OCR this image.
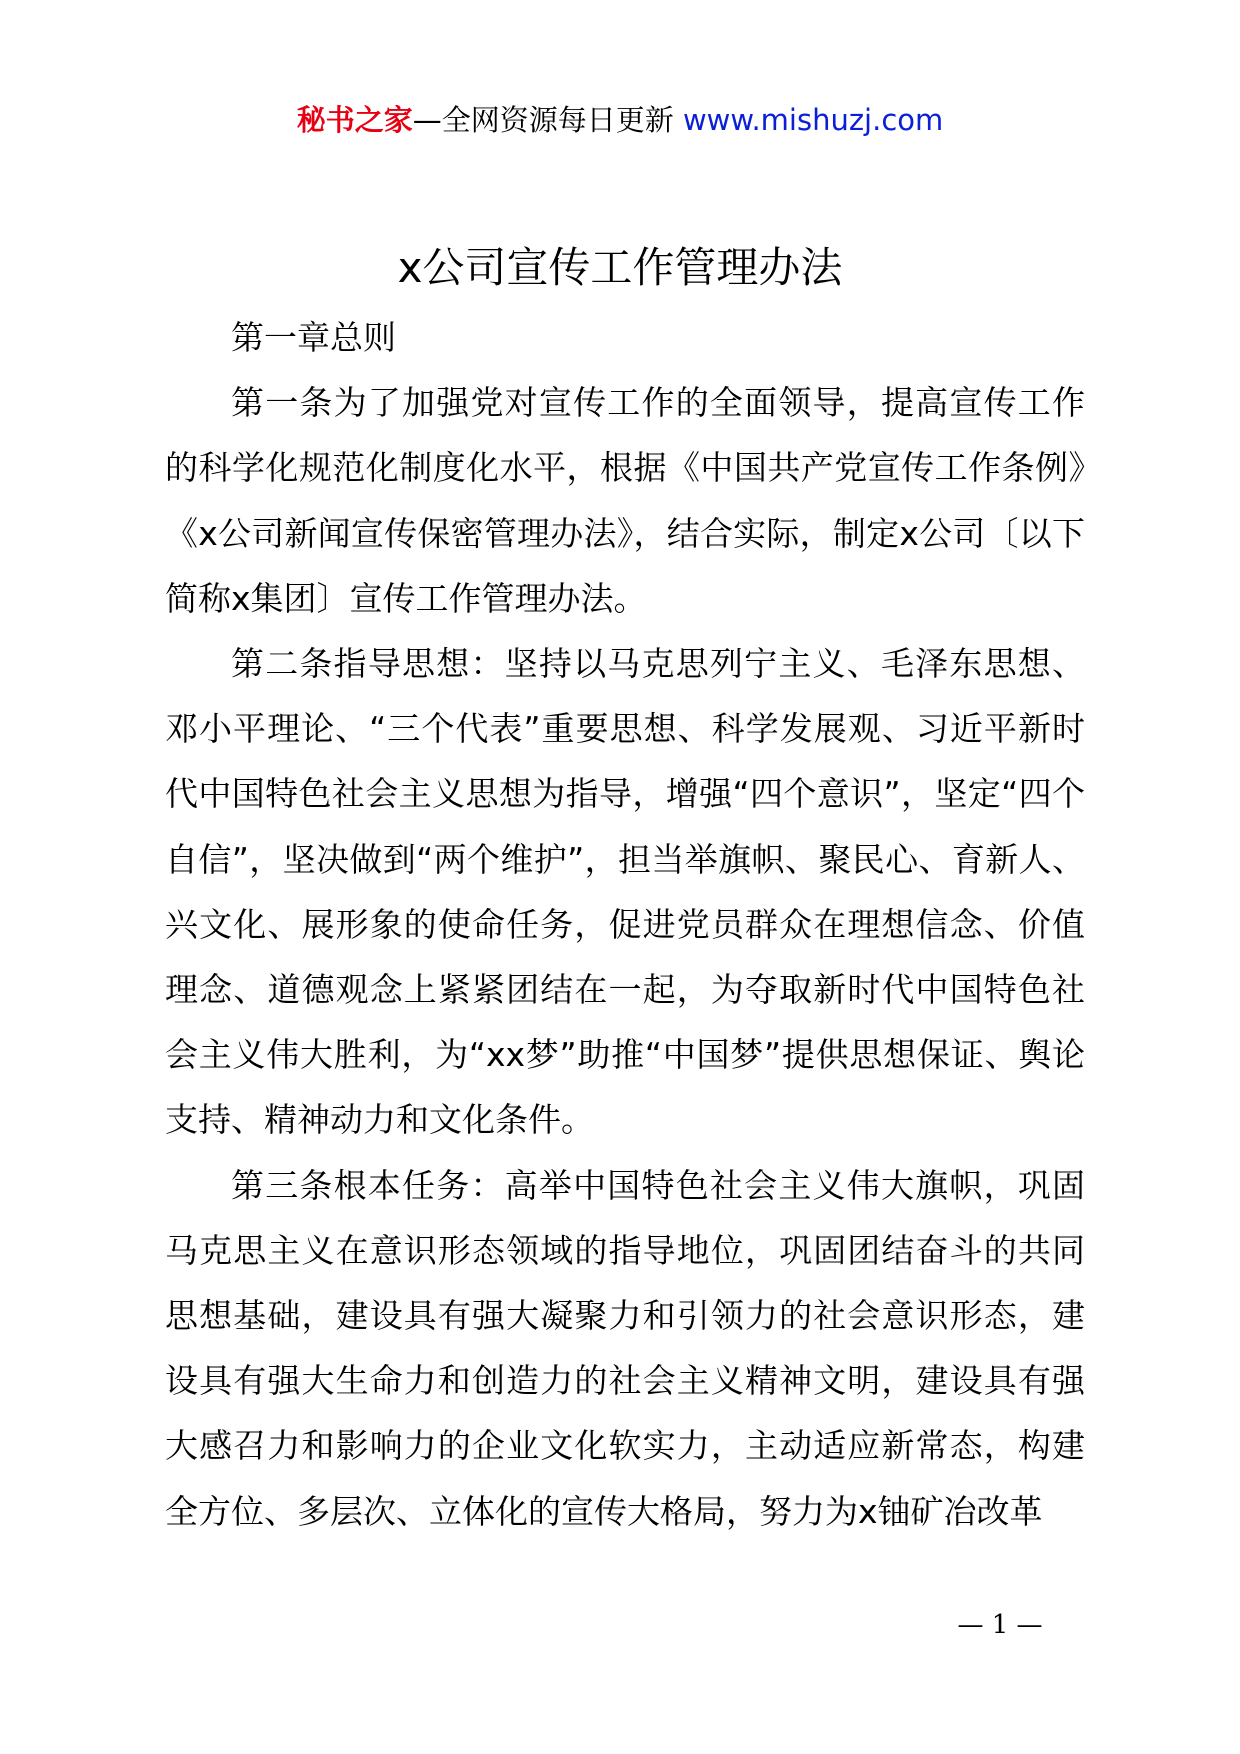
秘书之家—全网资源每日更新 www.mishuzj.com
x公司宣传工作管理办法

第一章总则

第一条为了加强党对宣传工作的全面领导，提高宣传工作的科学化规范化制度化水平，根据《中国共产党宣传工作条例》《x公司新闻宣传保密管理办法》，结合实际，制定x公司〔以下简称x集团〕宣传工作管理办法。

第二条指导思想：坚持以马克思列宁主义、毛泽东思想、邓小平理论、“三个代表”重要思想、科学发展观、习近平新时代中国特色社会主义思想为指导，增强“四个意识”，坚定“四个自信”，坚决做到“两个维护”，担当举旗帜、聚民心、育新人、兴文化、展形象的使命任务，促进党员群众在理想信念、价值理念、道德观念上紧紧团结在一起，为夺取新时代中国特色社会主义伟大胜利，为“xx梦”助推“中国梦”提供思想保证、舆论支持、精神动力和文化条件。

第三条根本任务：高举中国特色社会主义伟大旗帜，巩固马克思主义在意识形态领域的指导地位，巩固团结奋斗的共同思想基础，建设具有强大凝聚力和引领力的社会意识形态，建设具有强大生命力和创造力的社会主义精神文明，建设具有强大感召力和影响力的企业文化软实力，主动适应新常态，构建全方位、多层次、立体化的宣传大格局，努力为x铀矿冶改革

— 1 —
